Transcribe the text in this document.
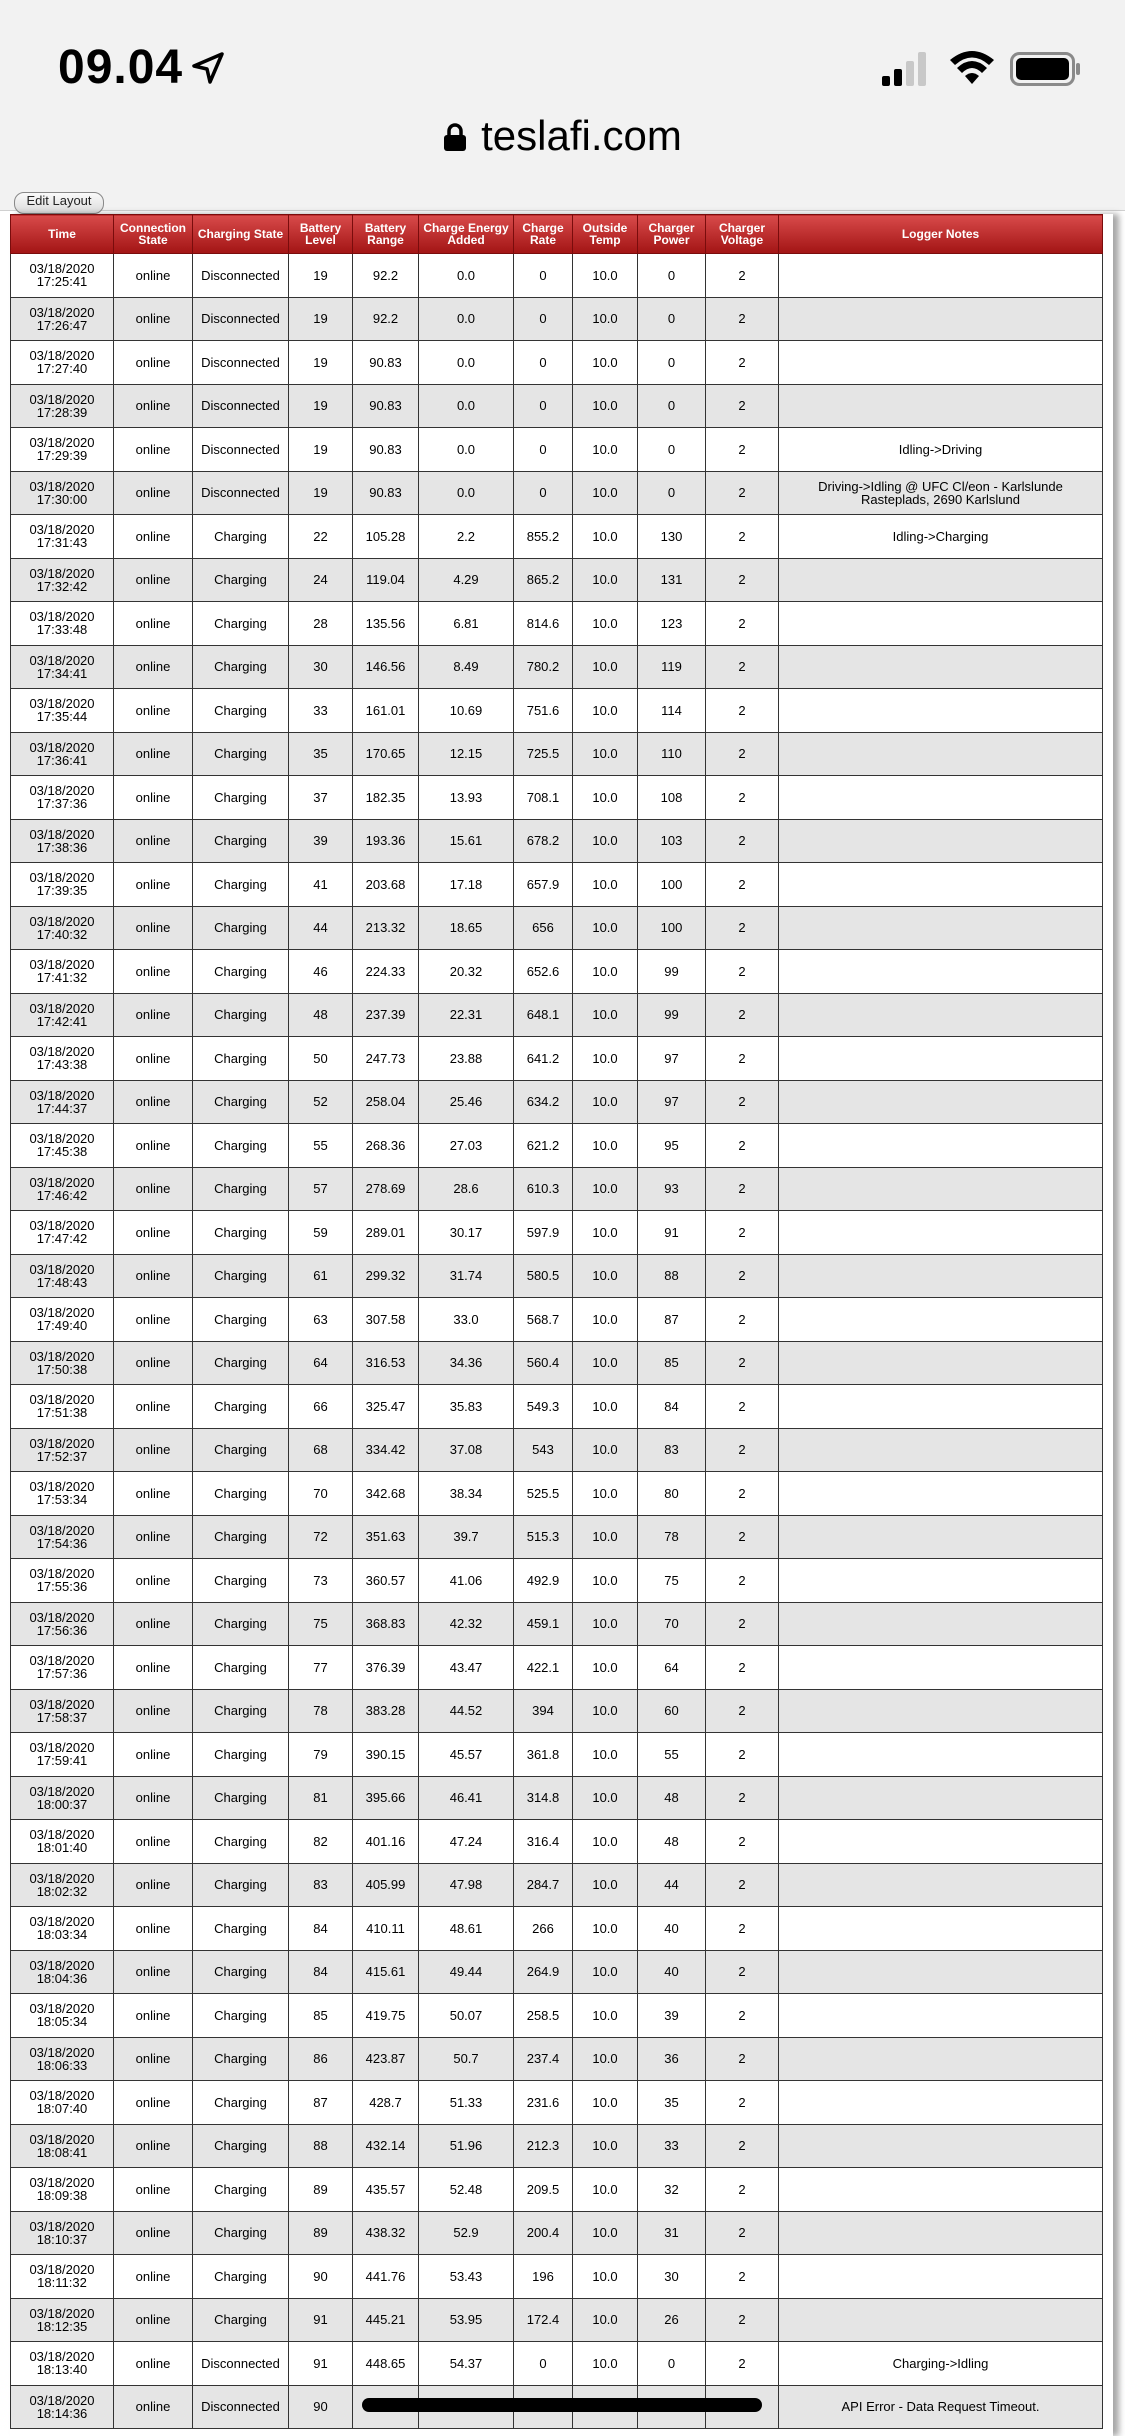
09.04
teslafi.com
Edit Layout
Time	Connection State	Charging State	Battery Level	Battery Range	Charge Energy Added	Charge Rate	Outside Temp	Charger Power	Charger Voltage	Logger Notes
03/18/2020 17:25:41	online	Disconnected	19	92.2	0.0	0	10.0	0	2	
03/18/2020 17:26:47	online	Disconnected	19	92.2	0.0	0	10.0	0	2	
03/18/2020 17:27:40	online	Disconnected	19	90.83	0.0	0	10.0	0	2	
03/18/2020 17:28:39	online	Disconnected	19	90.83	0.0	0	10.0	0	2	
03/18/2020 17:29:39	online	Disconnected	19	90.83	0.0	0	10.0	0	2	Idling->Driving
03/18/2020 17:30:00	online	Disconnected	19	90.83	0.0	0	10.0	0	2	Driving->Idling @ UFC Cl/eon - Karlslunde Rasteplads, 2690 Karlslund
03/18/2020 17:31:43	online	Charging	22	105.28	2.2	855.2	10.0	130	2	Idling->Charging
03/18/2020 17:32:42	online	Charging	24	119.04	4.29	865.2	10.0	131	2	
03/18/2020 17:33:48	online	Charging	28	135.56	6.81	814.6	10.0	123	2	
03/18/2020 17:34:41	online	Charging	30	146.56	8.49	780.2	10.0	119	2	
03/18/2020 17:35:44	online	Charging	33	161.01	10.69	751.6	10.0	114	2	
03/18/2020 17:36:41	online	Charging	35	170.65	12.15	725.5	10.0	110	2	
03/18/2020 17:37:36	online	Charging	37	182.35	13.93	708.1	10.0	108	2	
03/18/2020 17:38:36	online	Charging	39	193.36	15.61	678.2	10.0	103	2	
03/18/2020 17:39:35	online	Charging	41	203.68	17.18	657.9	10.0	100	2	
03/18/2020 17:40:32	online	Charging	44	213.32	18.65	656	10.0	100	2	
03/18/2020 17:41:32	online	Charging	46	224.33	20.32	652.6	10.0	99	2	
03/18/2020 17:42:41	online	Charging	48	237.39	22.31	648.1	10.0	99	2	
03/18/2020 17:43:38	online	Charging	50	247.73	23.88	641.2	10.0	97	2	
03/18/2020 17:44:37	online	Charging	52	258.04	25.46	634.2	10.0	97	2	
03/18/2020 17:45:38	online	Charging	55	268.36	27.03	621.2	10.0	95	2	
03/18/2020 17:46:42	online	Charging	57	278.69	28.6	610.3	10.0	93	2	
03/18/2020 17:47:42	online	Charging	59	289.01	30.17	597.9	10.0	91	2	
03/18/2020 17:48:43	online	Charging	61	299.32	31.74	580.5	10.0	88	2	
03/18/2020 17:49:40	online	Charging	63	307.58	33.0	568.7	10.0	87	2	
03/18/2020 17:50:38	online	Charging	64	316.53	34.36	560.4	10.0	85	2	
03/18/2020 17:51:38	online	Charging	66	325.47	35.83	549.3	10.0	84	2	
03/18/2020 17:52:37	online	Charging	68	334.42	37.08	543	10.0	83	2	
03/18/2020 17:53:34	online	Charging	70	342.68	38.34	525.5	10.0	80	2	
03/18/2020 17:54:36	online	Charging	72	351.63	39.7	515.3	10.0	78	2	
03/18/2020 17:55:36	online	Charging	73	360.57	41.06	492.9	10.0	75	2	
03/18/2020 17:56:36	online	Charging	75	368.83	42.32	459.1	10.0	70	2	
03/18/2020 17:57:36	online	Charging	77	376.39	43.47	422.1	10.0	64	2	
03/18/2020 17:58:37	online	Charging	78	383.28	44.52	394	10.0	60	2	
03/18/2020 17:59:41	online	Charging	79	390.15	45.57	361.8	10.0	55	2	
03/18/2020 18:00:37	online	Charging	81	395.66	46.41	314.8	10.0	48	2	
03/18/2020 18:01:40	online	Charging	82	401.16	47.24	316.4	10.0	48	2	
03/18/2020 18:02:32	online	Charging	83	405.99	47.98	284.7	10.0	44	2	
03/18/2020 18:03:34	online	Charging	84	410.11	48.61	266	10.0	40	2	
03/18/2020 18:04:36	online	Charging	84	415.61	49.44	264.9	10.0	40	2	
03/18/2020 18:05:34	online	Charging	85	419.75	50.07	258.5	10.0	39	2	
03/18/2020 18:06:33	online	Charging	86	423.87	50.7	237.4	10.0	36	2	
03/18/2020 18:07:40	online	Charging	87	428.7	51.33	231.6	10.0	35	2	
03/18/2020 18:08:41	online	Charging	88	432.14	51.96	212.3	10.0	33	2	
03/18/2020 18:09:38	online	Charging	89	435.57	52.48	209.5	10.0	32	2	
03/18/2020 18:10:37	online	Charging	89	438.32	52.9	200.4	10.0	31	2	
03/18/2020 18:11:32	online	Charging	90	441.76	53.43	196	10.0	30	2	
03/18/2020 18:12:35	online	Charging	91	445.21	53.95	172.4	10.0	26	2	
03/18/2020 18:13:40	online	Disconnected	91	448.65	54.37	0	10.0	0	2	Charging->Idling
03/18/2020 18:14:36	online	Disconnected	90							API Error - Data Request Timeout.
